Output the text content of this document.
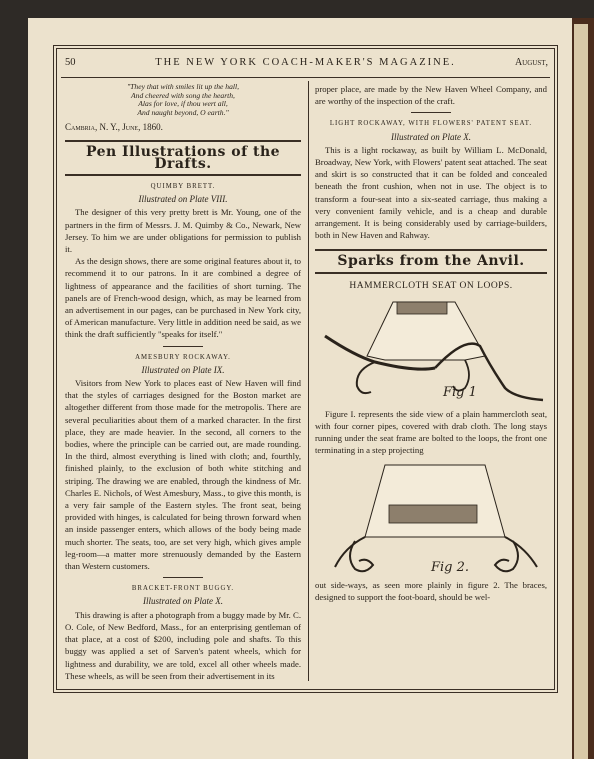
50	THE NEW YORK COACH-MAKER'S MAGAZINE.	August,

"They that with smiles lit up the hall,

And cheered with song the hearth,

Alas for love, if thou wert all,

And naught beyond, O earth."

Cambria, N. Y., June, 1860.

Pen Illustrations of the Drafts.
QUIMBY BRETT.
Illustrated on Plate VIII.

The designer of this very pretty brett is Mr. Young, one of the partners in the firm of Messrs. J. M. Quimby & Co., Newark, New Jersey. To him we are under obligations for permission to publish it.

As the design shows, there are some original features about it, to recommend it to our patrons. In it are combined a degree of lightness of appearance and the facilities of short turning. The panels are of French-wood design, which, as may be learned from an advertisement in our pages, can be purchased in New York city, of American manufacture. Very little in addition need be said, as we think the draft sufficiently "speaks for itself."

AMESBURY ROCKAWAY.
Illustrated on Plate IX.

Visitors from New York to places east of New Haven will find that the styles of carriages designed for the Boston market are altogether different from those made for the metropolis. There are several peculiarities about them of a marked character. In the first place, they are made heavier. In the second, all corners to the bodies, where the principle can be carried out, are made rounding. In the third, almost everything is lined with cloth; and, fourthly, finished plainly, to the exclusion of both white stitching and striping. The drawing we are enabled, through the kindness of Mr. Charles E. Nichols, of West Amesbury, Mass., to give this month, is a very fair sample of the Eastern styles. The front seat, being provided with hinges, is calculated for being thrown forward when an inside passenger enters, which allows of the body being made much shorter. The seats, too, are set very high, which gives ample leg-room—a matter more strenuously demanded by the Eastern than Western customers.

BRACKET-FRONT BUGGY.
Illustrated on Plate X.

This drawing is after a photograph from a buggy made by Mr. C. O. Cole, of New Bedford, Mass., for an enterprising gentleman of that place, at a cost of $200, including pole and shafts. To this buggy was applied a set of Sarven's patent wheels, which for lightness and durability, we are told, excel all other wheels made. These wheels, as will be seen from their advertisement in its

proper place, are made by the New Haven Wheel Company, and are worthy of the inspection of the craft.

LIGHT ROCKAWAY, WITH FLOWERS' PATENT SEAT.
Illustrated on Plate X.

This is a light rockaway, as built by William L. McDonald, Broadway, New York, with Flowers' patent seat attached. The seat and skirt is so constructed that it can be folded and concealed beneath the front cushion, when not in use. The object is to transform a four-seat into a six-seated carriage, thus making a very convenient family vehicle, and is a cheap and durable arrangement. It is being considerably used by carriage-builders, both in New Haven and Rahway.

Sparks from the Anvil.
HAMMERCLOTH SEAT ON LOOPS.
Fig 1

Figure I. represents the side view of a plain hammercloth seat, with four corner pipes, covered with drab cloth. The long stays running under the seat frame are bolted to the loops, the front one terminating in a step projecting

Fig 2.

out side-ways, as seen more plainly in figure 2. The braces, designed to support the foot-board, should be wel-
